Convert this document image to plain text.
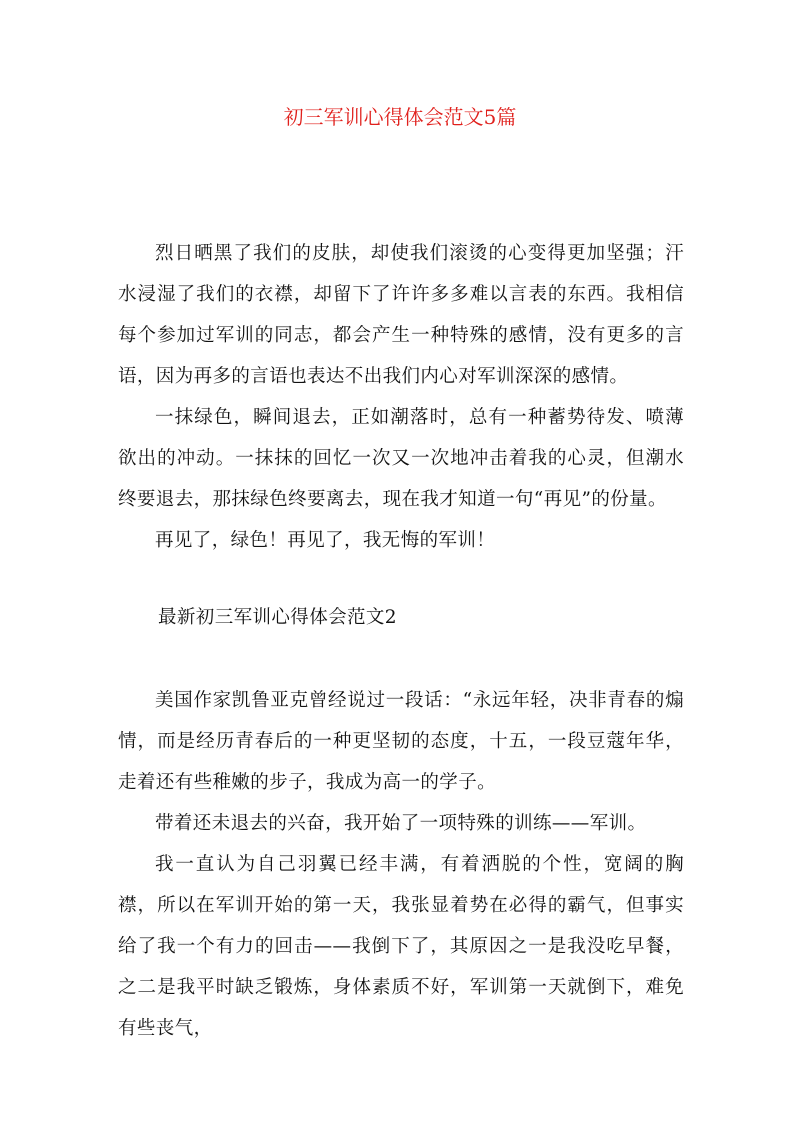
初三军训心得体会范文5篇

烈日晒黑了我们的皮肤，却使我们滚烫的心变得更加坚强；汗水浸湿了我们的衣襟，却留下了许许多多难以言表的东西。我相信每个参加过军训的同志，都会产生一种特殊的感情，没有更多的言语，因为再多的言语也表达不出我们内心对军训深深的感情。

一抹绿色，瞬间退去，正如潮落时，总有一种蓄势待发、喷薄欲出的冲动。一抹抹的回忆一次又一次地冲击着我的心灵，但潮水终要退去，那抹绿色终要离去，现在我才知道一句“再见”的份量。

再见了，绿色！再见了，我无悔的军训！

最新初三军训心得体会范文2

美国作家凯鲁亚克曾经说过一段话：“永远年轻，决非青春的煽情，而是经历青春后的一种更坚韧的态度，十五，一段豆蔻年华，走着还有些稚嫩的步子，我成为高一的学子。

带着还未退去的兴奋，我开始了一项特殊的训练——军训。

我一直认为自己羽翼已经丰满，有着洒脱的个性，宽阔的胸襟，所以在军训开始的第一天，我张显着势在必得的霸气，但事实给了我一个有力的回击——我倒下了，其原因之一是我没吃早餐，之二是我平时缺乏锻炼，身体素质不好，军训第一天就倒下，难免有些丧气，
